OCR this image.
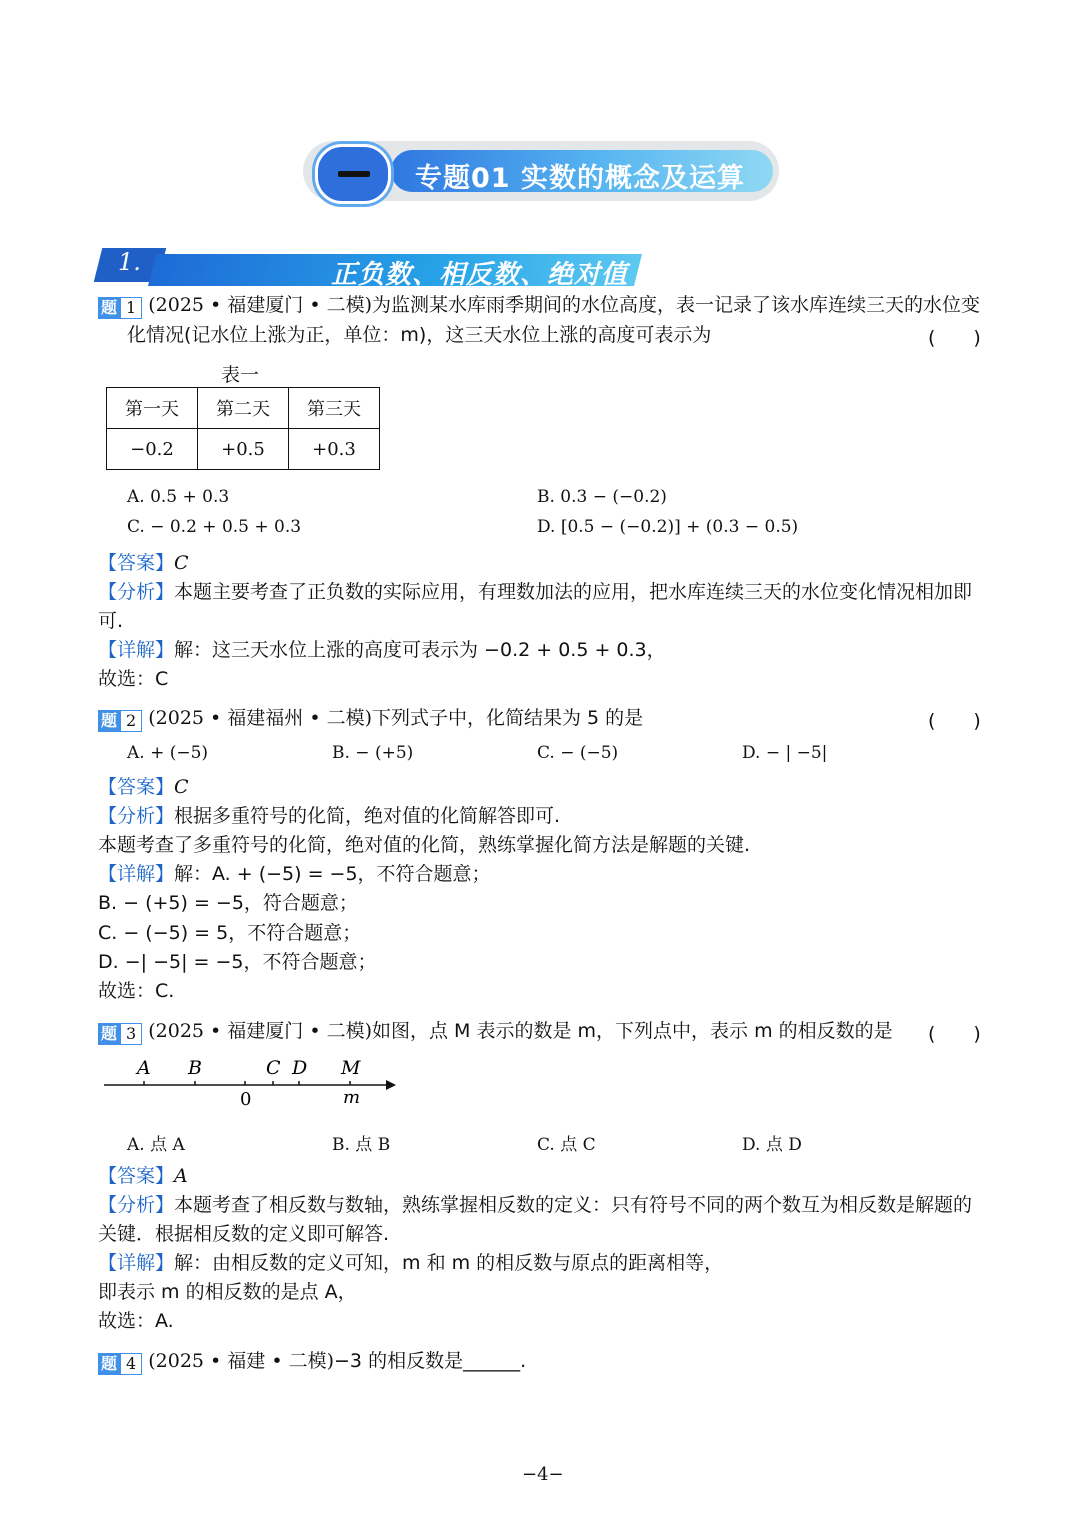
专题01 实数的概念及运算
1.	正负数、相反数、绝对值
题 1 (2025 • 福建厦门 • 二模)为监测某水库雨季期间的水位高度，表一记录了该水库连续三天的水位变
化情况(记水位上涨为正，单位：m)，这三天水位上涨的高度可表示为	(　　)
表一
第一天	第二天	第三天
−0.2	+0.5	+0.3
A. 0.5 + 0.3	B. 0.3 − (−0.2)
C. − 0.2 + 0.5 + 0.3	D. [0.5 − (−0.2)] + (0.3 − 0.5)
【答案】C
【分析】本题主要考查了正负数的实际应用，有理数加法的应用，把水库连续三天的水位变化情况相加即
可.
【详解】解：这三天水位上涨的高度可表示为 −0.2 + 0.5 + 0.3，
故选：C
题 2 (2025 • 福建福州 • 二模)下列式子中，化简结果为 5 的是	(　　)
A. + (−5)	B. − (+5)	C. − (−5)	D. − | −5|
【答案】C
【分析】根据多重符号的化简，绝对值的化简解答即可.
本题考查了多重符号的化简，绝对值的化简，熟练掌握化简方法是解题的关键.
【详解】解：A. + (−5) = −5，不符合题意；
B. − (+5) = −5，符合题意；
C. − (−5) = 5，不符合题意；
D. −| −5| = −5，不符合题意；
故选：C.
题 3 (2025 • 福建厦门 • 二模)如图，点 M 表示的数是 m，下列点中，表示 m 的相反数的是 (　　)
A B	C D M
0	m
A. 点 A	B. 点 B	C. 点 C	D. 点 D
【答案】A
【分析】本题考查了相反数与数轴，熟练掌握相反数的定义：只有符号不同的两个数互为相反数是解题的
关键．根据相反数的定义即可解答.
【详解】解：由相反数的定义可知，m 和 m 的相反数与原点的距离相等，
即表示 m 的相反数的是点 A，
故选：A.
题 4 (2025 • 福建 • 二模)−3 的相反数是______.
−4−
